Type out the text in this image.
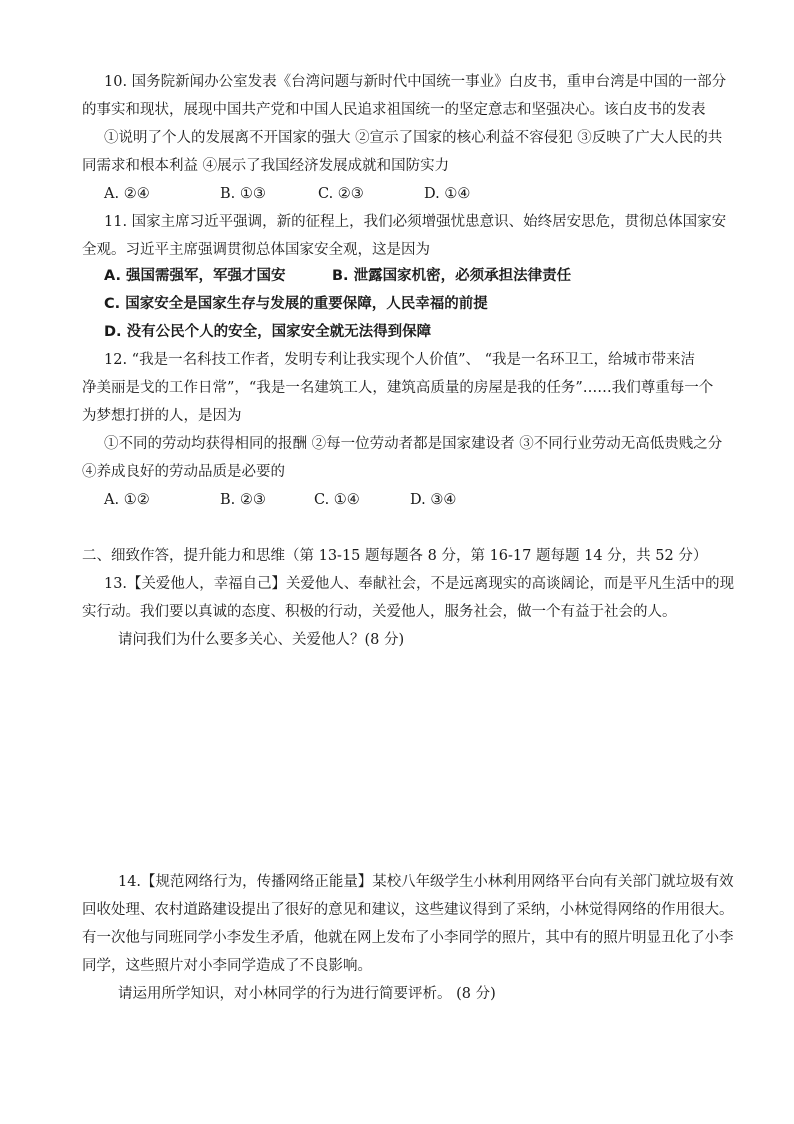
10. 国务院新闻办公室发表《台湾问题与新时代中国统一事业》白皮书，重申台湾是中国的一部分
的事实和现状，展现中国共产党和中国人民追求祖国统一的坚定意志和坚强决心。该白皮书的发表
①说明了个人的发展离不开国家的强大 ②宣示了国家的核心利益不容侵犯 ③反映了广大人民的共
同需求和根本利益 ④展示了我国经济发展成就和国防实力
A. ②④	B. ①③	C. ②③	D. ①④
11. 国家主席习近平强调，新的征程上，我们必须增强忧患意识、始终居安思危，贯彻总体国家安
全观。习近平主席强调贯彻总体国家安全观，这是因为
A. 强国需强军，军强才国安	B. 泄露国家机密，必须承担法律责任
C. 国家安全是国家生存与发展的重要保障，人民幸福的前提
D. 没有公民个人的安全，国家安全就无法得到保障
12. “我是一名科技工作者，发明专利让我实现个人价值”、 “我是一名环卫工，给城市带来洁
净美丽是戈的工作日常”，“我是一名建筑工人，建筑高质量的房屋是我的任务”……我们尊重每一个
为梦想打拼的人，是因为
①不同的劳动均获得相同的报酬 ②每一位劳动者都是国家建设者 ③不同行业劳动无高低贵贱之分
④养成良好的劳动品质是必要的
A. ①②	B. ②③	C. ①④	D. ③④
二、细致作答，提升能力和思维（第 13-15 题每题各 8 分，第 16-17 题每题 14 分，共 52 分）
13.【关爱他人，幸福自己】关爱他人、奉献社会，不是远离现实的高谈阔论，而是平凡生活中的现
实行动。我们要以真诚的态度、积极的行动，关爱他人，服务社会，做一个有益于社会的人。
请问我们为什么要多关心、关爱他人？(8 分)
14.【规范网络行为，传播网络正能量】某校八年级学生小林利用网络平台向有关部门就垃圾有效
回收处理、农村道路建设提出了很好的意见和建议，这些建议得到了采纳，小林觉得网络的作用很大。
有一次他与同班同学小李发生矛盾，他就在网上发布了小李同学的照片，其中有的照片明显丑化了小李
同学，这些照片对小李同学造成了不良影响。
请运用所学知识，对小林同学的行为进行简要评析。 (8 分)
